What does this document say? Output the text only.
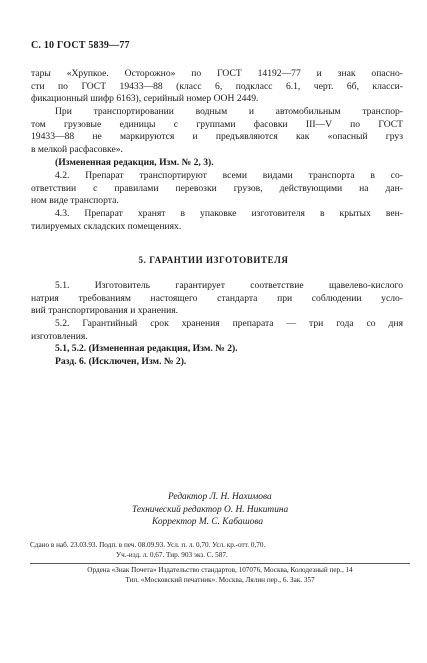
С. 10 ГОСТ 5839—77
тары «Хрупкое. Осторожно» по ГОСТ 14192—77 и знак опасно-
сти по ГОСТ 19433—88 (класс 6, подкласс 6.1, черт. 6б, класси-
фикационный шифр 6163), серийный номер ООН 2449.
При транспортировании водным и автомобильным транспор-
том грузовые единицы с группами фасовки III—V по ГОСТ
19433—88 не маркируются и предъявляются как «опасный груз
в мелкой расфасовке».
(Измененная редакция, Изм. № 2, 3).
4.2. Препарат транспортируют всеми видами транспорта в со-
ответствии с правилами перевозки грузов, действующими на дан-
ном виде транспорта.
4.3. Препарат хранят в упаковке изготовителя в крытых вен-
тилируемых складских помещениях.
5. ГАРАНТИИ ИЗГОТОВИТЕЛЯ
5.1. Изготовитель гарантирует соответствие щавелево-кислого
натрия требованиям настоящего стандарта при соблюдении усло-
вий транспортирования и хранения.
5.2. Гарантийный срок хранения препарата — три года со дня
изготовления.
5.1, 5.2. (Измененная редакция, Изм. № 2).
Разд. 6. (Исключен, Изм. № 2).
Редактор Л. Н. Нахимова
Технический редактор О. Н. Никитина
Корректор М. С. Кабашова
Сдано в наб. 23.03.93. Подп. в печ. 08.09.93. Усл. п. л. 0,70. Усл. кр.-отт. 0,70.
Уч.-изд. л. 0,67. Тир. 903 экз. С. 587.
Ордена «Знак Почета» Издательство стандартов, 107076, Москва, Колодезный пер., 14
Тип. «Московский печатник». Москва, Лялин пер., 6. Зак. 357
